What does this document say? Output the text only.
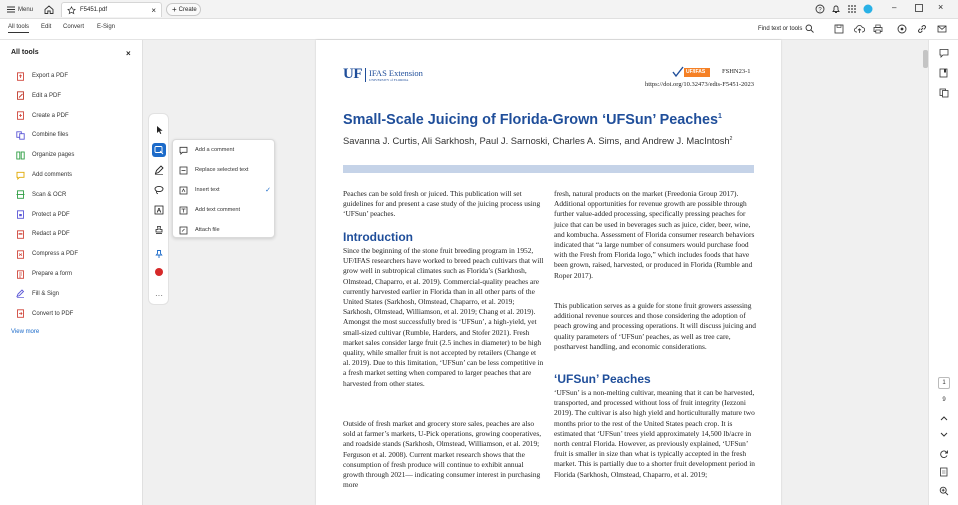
Menu	F5451.pdf	× + Create	?	–	×
All tools Edit Convert E-Sign	Find text or tools
All tools	×
Export a PDF
Edit a PDF
Create a PDF
Combine files
Organize pages
Add comments
Scan & OCR
Protect a PDF
Redact a PDF
Compress a PDF
Prepare a form
Fill & Sign
Convert to PDF
View more
A
···
Add a comment
Replace selected text
Insert text	✓
Add text comment
Attach file
UF IFAS Extension
UNIVERSITY of FLORIDA
UF/IFAS	FSHN23-1
https://doi.org/10.32473/edis-F5451-2023
Small-Scale Juicing of Florida-Grown ‘UFSun’ Peaches$^1$
Savanna J. Curtis, Ali Sarkhosh, Paul J. Sarnoski, Charles A. Sims, and Andrew J. MacIntosh$^2$
Peaches can be sold fresh or juiced. This publication will set guidelines for and present a case study of the juicing process using ‘UFSun’ peaches.
Introduction
Since the beginning of the stone fruit breeding program in 1952, UF/IFAS researchers have worked to breed peach cultivars that will grow well in subtropical climates such as Florida’s (Sarkhosh, Olmstead, Chaparro, et al. 2019). Commercial-quality peaches are currently harvested earlier in Florida than in all other parts of the United States (Sarkhosh, Olmstead, Chaparro, et al. 2019; Sarkhosh, Olmstead, Williamson, et al. 2019; Chang et al. 2019). Amongst the most successfully bred is ‘UFSun’, a high-yield, yet small-sized cultivar (Rumble, Harders, and Stofer 2021). Fresh market sales consider large fruit (2.5 inches in diameter) to be high quality, while smaller fruit is not accepted by retailers (Change et al. 2019). Due to this limitation, ‘UFSun’ can be less competitive in a fresh market setting when compared to larger peaches that are harvested from other states.
Outside of fresh market and grocery store sales, peaches are also sold at farmer’s markets, U-Pick operations, growing cooperatives, and roadside stands (Sarkhosh, Olmstead, Williamson, et al. 2019; Ferguson et al. 2008). Current market research shows that the consumption of fresh produce will continue to exhibit annual growth through 2021— indicating consumer interest in purchasing more
fresh, natural products on the market (Freedonia Group 2017). Additional opportunities for revenue growth are possible through further value-added processing, specifically pressing peaches for juice that can be used in beverages such as juice, cider, beer, wine, and kombucha. Assessment of Florida consumer research behaviors indicated that “a large number of consumers would purchase food with the Fresh from Florida logo,” which includes foods that have been grown, raised, harvested, or produced in Florida (Rumble and Roper 2017).
This publication serves as a guide for stone fruit growers assessing additional revenue sources and those considering the adoption of peach growing and processing operations. It will discuss juicing and quality parameters of ‘UFSun’ peaches, as well as tree care, postharvest handling, and economic considerations.
‘UFSun’ Peaches
‘UFSun’ is a non-melting cultivar, meaning that it can be harvested, transported, and processed without loss of fruit integrity (Iezzoni 2019). The cultivar is also high yield and horticulturally mature two months prior to the rest of the United States peach crop. It is estimated that ‘UFSun’ trees yield approximately 14,500 lb/acre in north central Florida. However, as previously explained, ‘UFSun’ fruit is smaller in size than what is typically accepted in the fresh market. This is partially due to a shorter fruit development period in Florida (Sarkhosh, Olmstead, Chaparro, et al. 2019;
1
9
